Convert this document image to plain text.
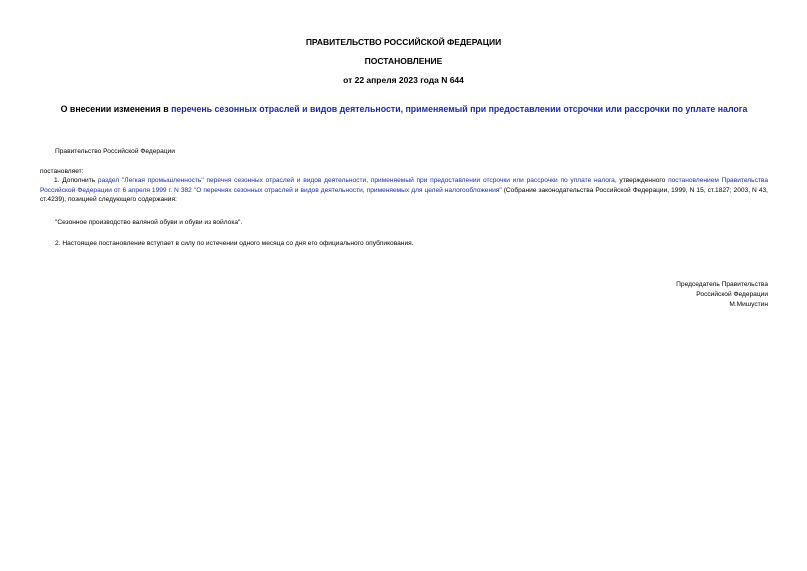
ПРАВИТЕЛЬСТВО РОССИЙСКОЙ ФЕДЕРАЦИИ
ПОСТАНОВЛЕНИЕ
от 22 апреля 2023 года N 644
О внесении изменения в перечень сезонных отраслей и видов деятельности, применяемый при предоставлении отсрочки или рассрочки по уплате налога
Правительство Российской Федерации
постановляет:
1. Дополнить раздел "Легкая промышленность" перечня сезонных отраслей и видов деятельности, применяемый при предоставлении отсрочки или рассрочки по уплате налога, утвержденного постановлением Правительства Российской Федерации от 6 апреля 1999 г. N 382 "О перечнях сезонных отраслей и видов деятельности, применяемых для целей налогообложения" (Собрание законодательства Российской Федерации, 1999, N 15, ст.1827; 2003, N 43, ст.4239), позицией следующего содержания:
"Сезонное производство валяной обуви и обуви из войлока".
2. Настоящее постановление вступает в силу по истечении одного месяца со дня его официального опубликования.
Председатель Правительства
Российской Федерации
М.Мишустин
